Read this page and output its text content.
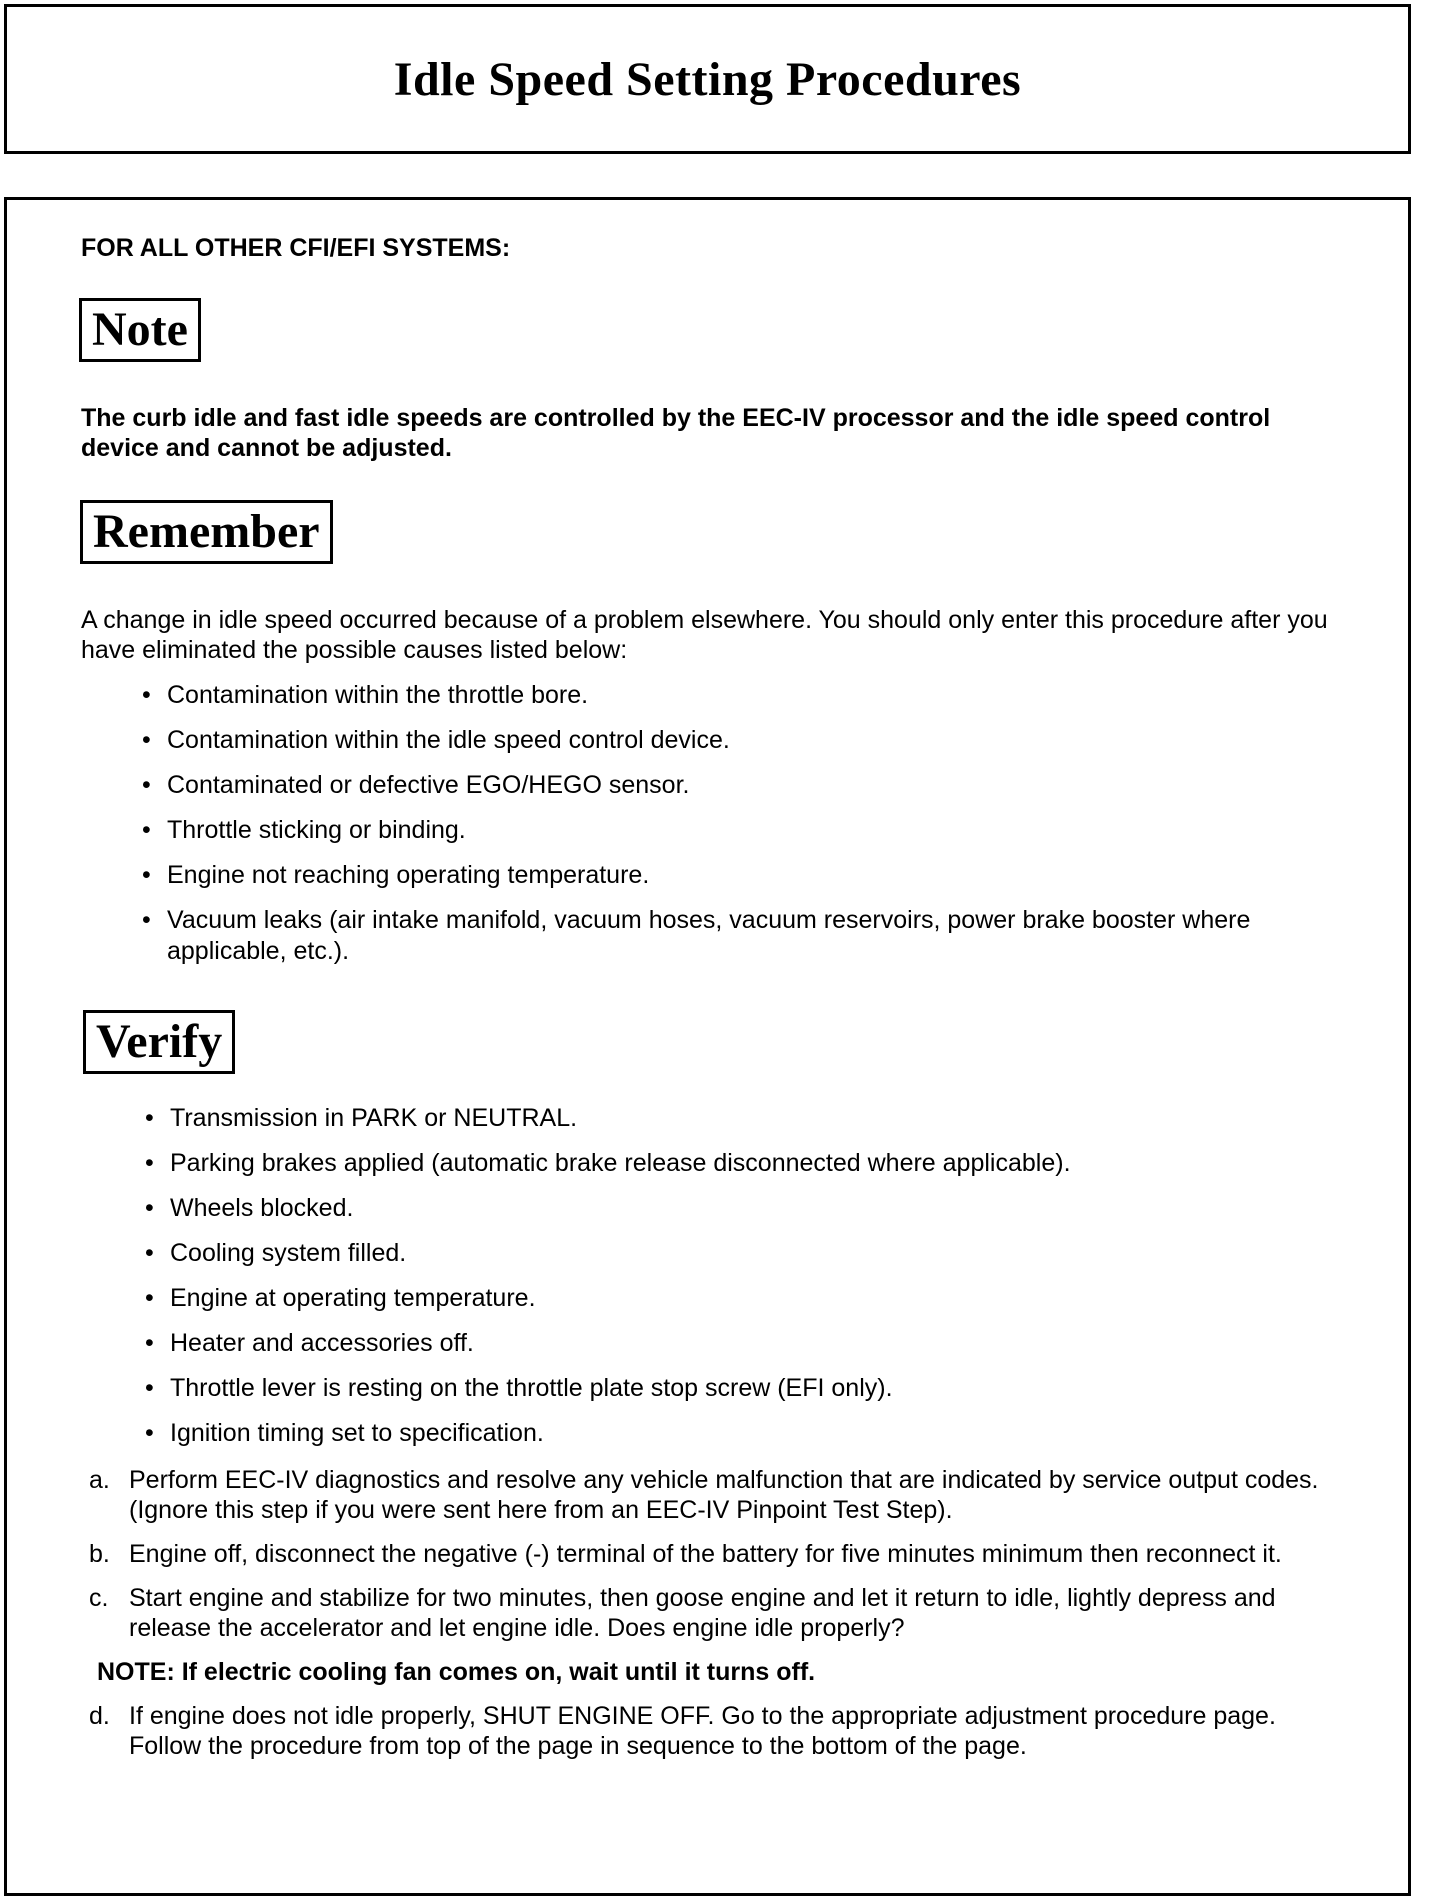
Idle Speed Setting Procedures

FOR ALL OTHER CFI/EFI SYSTEMS:

Note

The curb idle and fast idle speeds are controlled by the EEC-IV processor and the idle speed control device and cannot be adjusted.

Remember

A change in idle speed occurred because of a problem elsewhere. You should only enter this procedure after you have eliminated the possible causes listed below:

• Contamination within the throttle bore.
• Contamination within the idle speed control device.
• Contaminated or defective EGO/HEGO sensor.
• Throttle sticking or binding.
• Engine not reaching operating temperature.
• Vacuum leaks (air intake manifold, vacuum hoses, vacuum reservoirs, power brake booster where applicable, etc.).
Verify
• Transmission in PARK or NEUTRAL.
• Parking brakes applied (automatic brake release disconnected where applicable).
• Wheels blocked.
• Cooling system filled.
• Engine at operating temperature.
• Heater and accessories off.
• Throttle lever is resting on the throttle plate stop screw (EFI only).
• Ignition timing set to specification.
a. Perform EEC-IV diagnostics and resolve any vehicle malfunction that are indicated by service output codes. (Ignore this step if you were sent here from an EEC-IV Pinpoint Test Step).
b. Engine off, disconnect the negative (-) terminal of the battery for five minutes minimum then reconnect it.
c. Start engine and stabilize for two minutes, then goose engine and let it return to idle, lightly depress and release the accelerator and let engine idle. Does engine idle properly?

NOTE: If electric cooling fan comes on, wait until it turns off.

d. If engine does not idle properly, SHUT ENGINE OFF. Go to the appropriate adjustment procedure page. Follow the procedure from top of the page in sequence to the bottom of the page.
